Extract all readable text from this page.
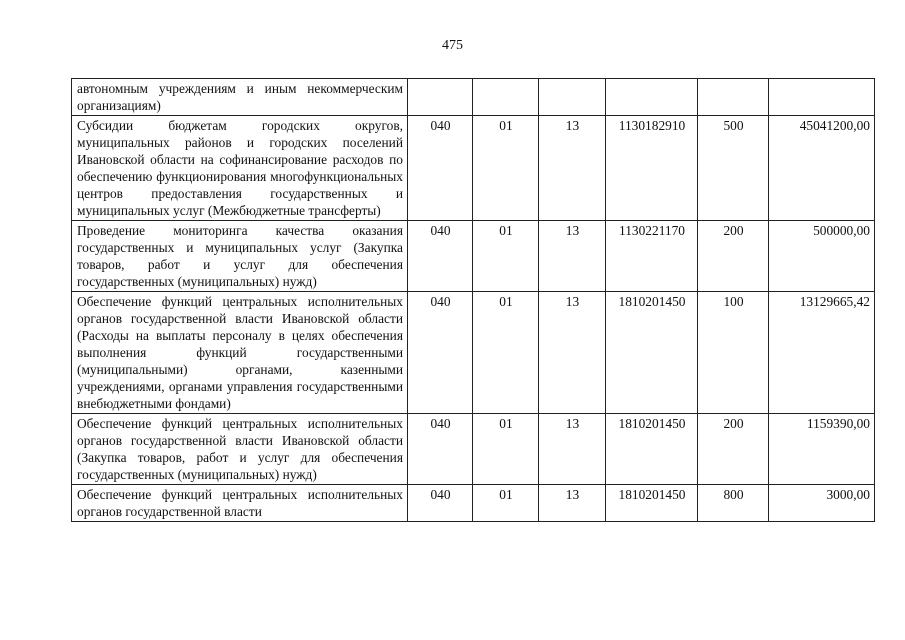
475
автономным учреждениям и иным некоммерческим организациям)						
Субсидии бюджетам городских округов, муниципальных районов и городских поселений Ивановской области на софинансирование расходов по обеспечению функционирования многофункциональных центров предоставления государственных и муниципальных услуг (Межбюджетные трансферты)	040	01	13	1130182910	500	45041200,00
Проведение мониторинга качества оказания государственных и муниципальных услуг (Закупка товаров, работ и услуг для обеспечения государственных (муниципальных) нужд)	040	01	13	1130221170	200	500000,00
Обеспечение функций центральных исполнительных органов государственной власти Ивановской области (Расходы на выплаты персоналу в целях обеспечения выполнения функций государственными (муниципальными) органами, казенными учреждениями, органами управления государственными внебюджетными фондами)	040	01	13	1810201450	100	13129665,42
Обеспечение функций центральных исполнительных органов государственной власти Ивановской области (Закупка товаров, работ и услуг для обеспечения государственных (муниципальных) нужд)	040	01	13	1810201450	200	1159390,00
Обеспечение функций центральных исполнительных органов государственной власти	040	01	13	1810201450	800	3000,00
